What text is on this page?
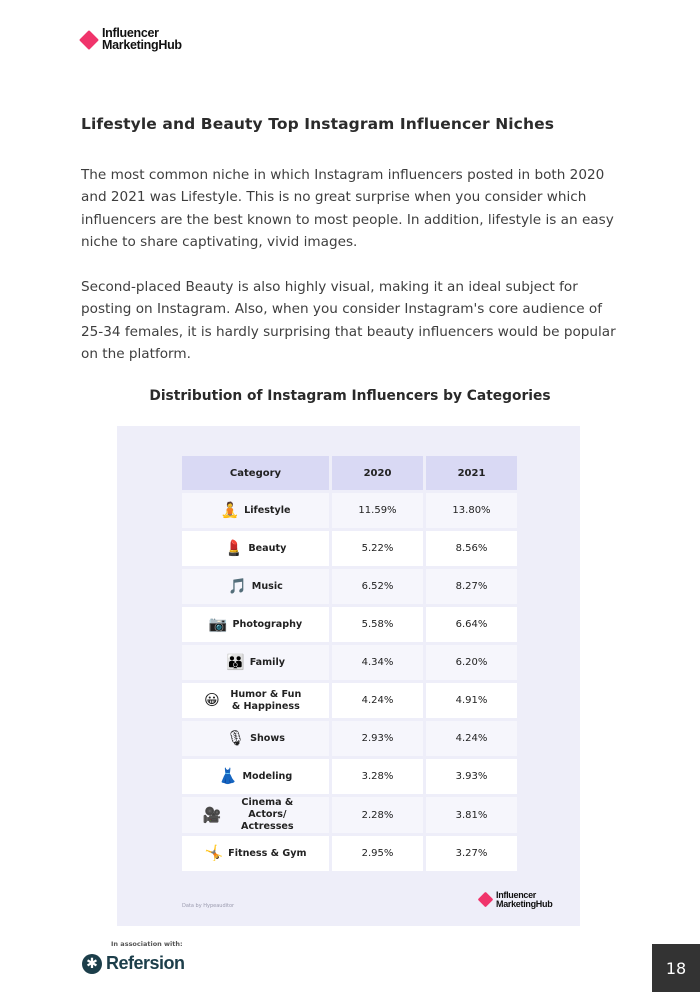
Influencer
MarketingHub
Lifestyle and Beauty Top Instagram Influencer Niches

The most common niche in which Instagram influencers posted in both 2020 and 2021 was Lifestyle. This is no great surprise when you consider which influencers are the best known to most people. In addition, lifestyle is an easy niche to share captivating, vivid images.

Second-placed Beauty is also highly visual, making it an ideal subject for posting on Instagram. Also, when you consider Instagram's core audience of 25-34 females, it is hardly surprising that beauty influencers would be popular on the platform.

Distribution of Instagram Influencers by Categories
Category	2020	2021

🧘 Lifestyle	11.59%	13.80%

💄 Beauty	5.22%	8.56%

🎵 Music	6.52%	8.27%

📷 Photography	5.58%	6.64%

👪 Family	4.34%	6.20%

😀 Humor & Fun & Happiness	4.24%	4.91%

🎙 Shows	2.93%	4.24%

👗 Modeling	3.28%	3.93%

🎥
Cinema & Actors/ Actresses	2.28%	3.81%

🤸 Fitness & Gym	2.95%	3.27%
Data by Hypeauditor
Influencer
MarketingHub
In association with:
✱ Refersion	18
